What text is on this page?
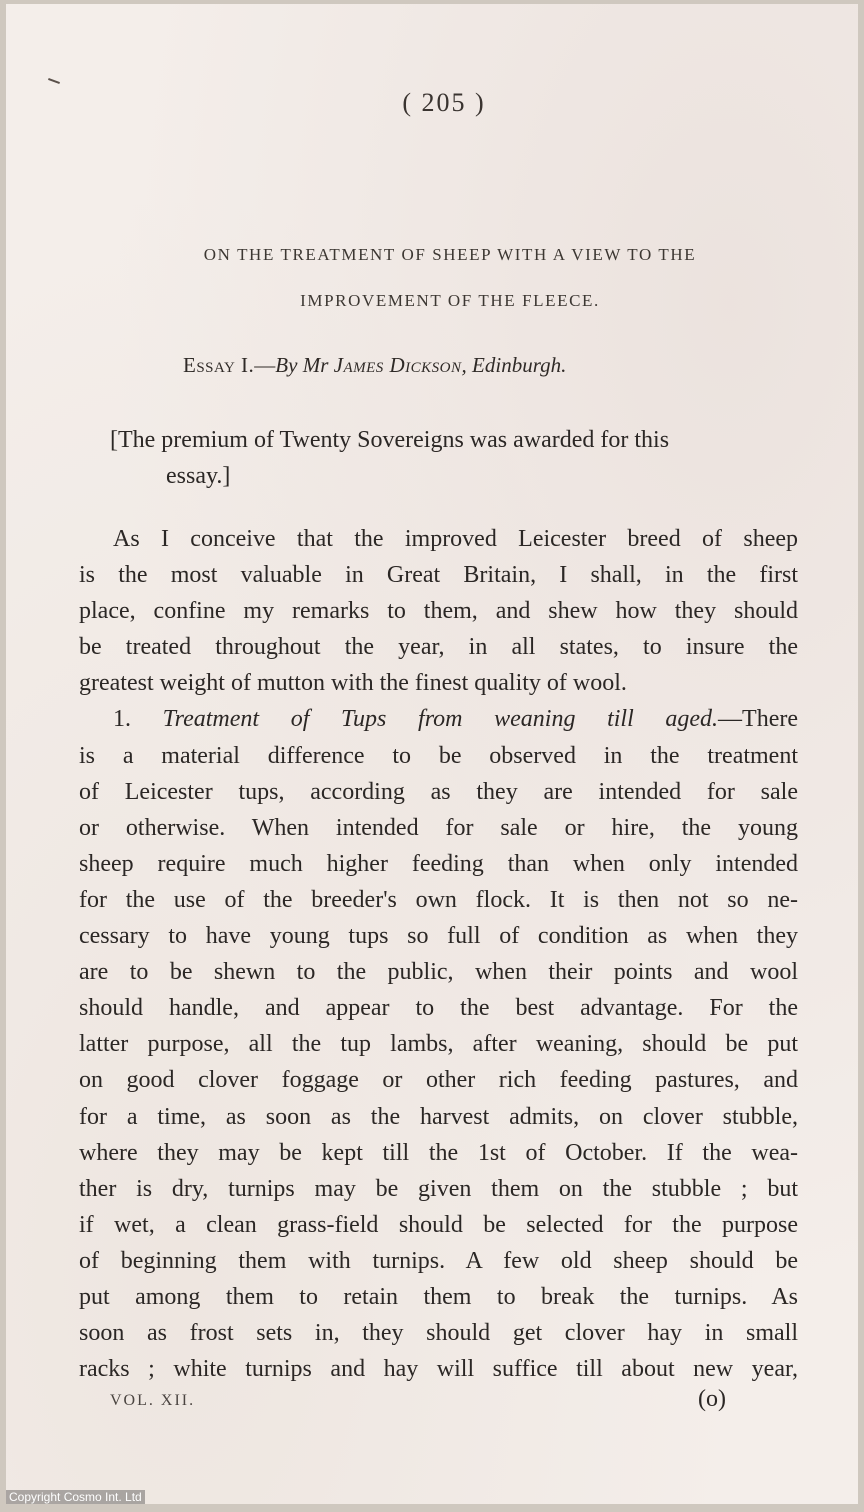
( 205 )
ON THE TREATMENT OF SHEEP WITH A VIEW TO THE
IMPROVEMENT OF THE FLEECE.
Essay I.—By Mr James Dickson, Edinburgh.
[The premium of Twenty Sovereigns was awarded for this
essay.]
As I conceive that the improved Leicester breed of sheep
is the most valuable in Great Britain, I shall, in the first
place, confine my remarks to them, and shew how they should
be treated throughout the year, in all states, to insure the
greatest weight of mutton with the finest quality of wool.
1. Treatment of Tups from weaning till aged.—There
is a material difference to be observed in the treatment
of Leicester tups, according as they are intended for sale
or otherwise. When intended for sale or hire, the young
sheep require much higher feeding than when only intended
for the use of the breeder's own flock. It is then not so ne-
cessary to have young tups so full of condition as when they
are to be shewn to the public, when their points and wool
should handle, and appear to the best advantage. For the
latter purpose, all the tup lambs, after weaning, should be put
on good clover foggage or other rich feeding pastures, and
for a time, as soon as the harvest admits, on clover stubble,
where they may be kept till the 1st of October. If the wea-
ther is dry, turnips may be given them on the stubble ; but
if wet, a clean grass-field should be selected for the purpose
of beginning them with turnips. A few old sheep should be
put among them to retain them to break the turnips. As
soon as frost sets in, they should get clover hay in small
racks ; white turnips and hay will suffice till about new year,
VOL. XII.	(o)
Copyright Cosmo Int. Ltd
